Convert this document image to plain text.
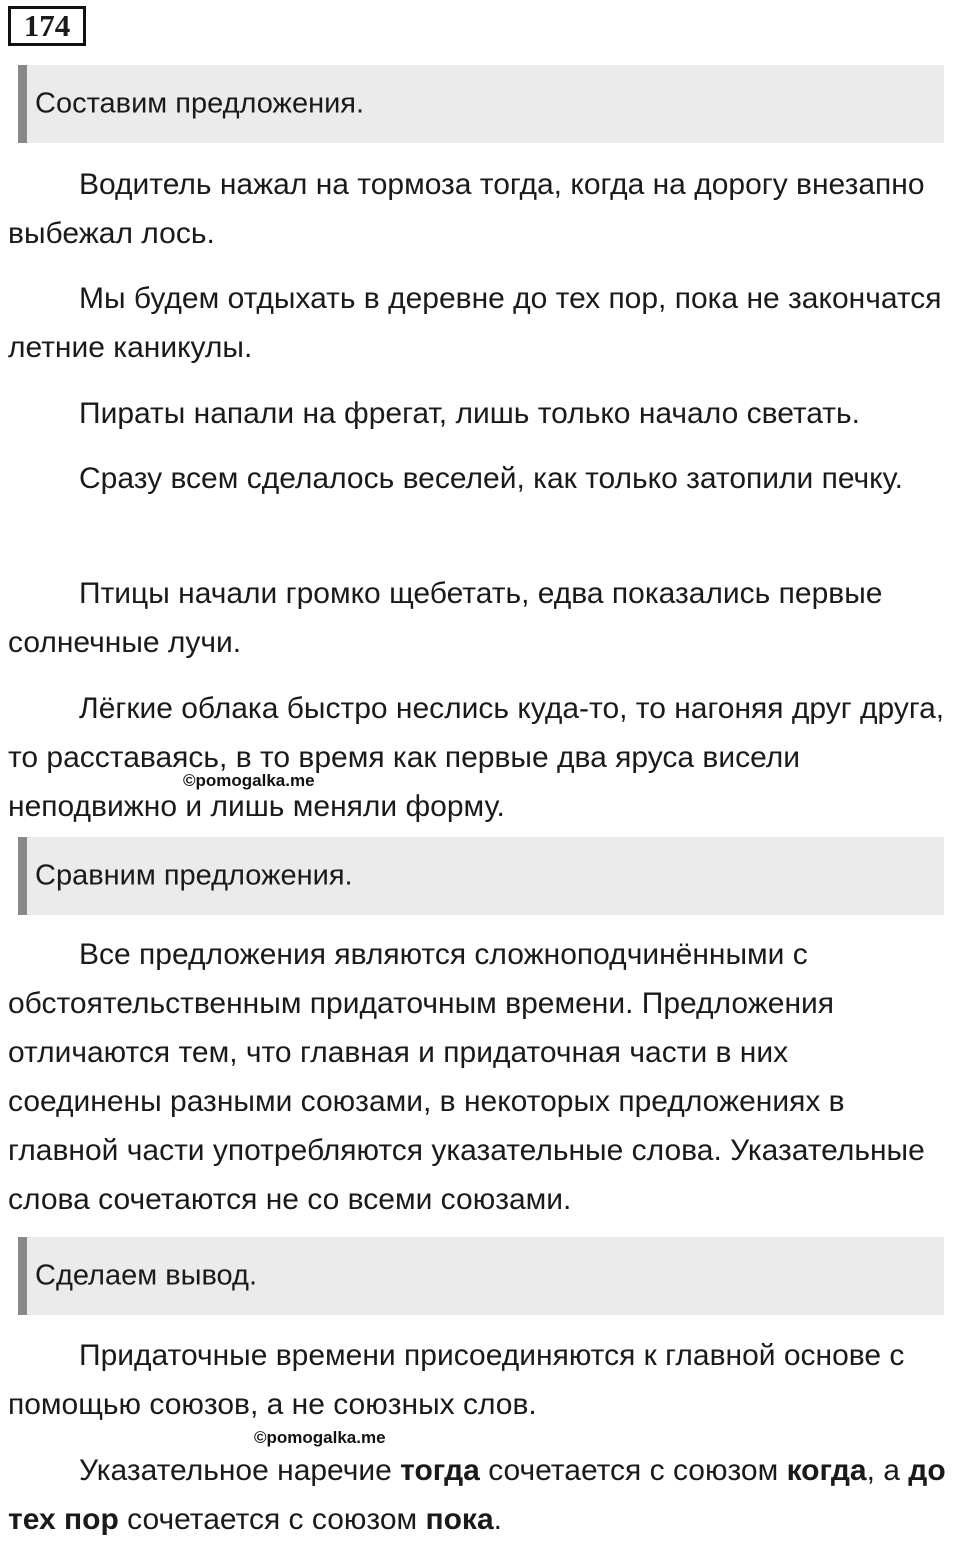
174
Составим предложения.

Водитель нажал на тормоза тогда, когда на дорогу внезапно выбежал лось.

Мы будем отдыхать в деревне до тех пор, пока не закончатся летние каникулы.

Пираты напали на фрегат, лишь только начало светать.

Сразу всем сделалось веселей, как только затопили печку.

Птицы начали громко щебетать, едва показались первые солнечные лучи.

Лёгкие облака быстро неслись куда-то, то нагоняя друг друга, то расставаясь, в то время как первые два яруса висели неподвижно и лишь меняли форму.

©pomogalka.me
Сравним предложения.

Все предложения являются сложноподчинёнными с обстоятельственным придаточным времени. Предложения отличаются тем, что главная и придаточная части в них соединены разными союзами, в некоторых предложениях в главной части употребляются указательные слова. Указательные слова сочетаются не со всеми союзами.

Сделаем вывод.

Придаточные времени присоединяются к главной основе с помощью союзов, а не союзных слов.

©pomogalka.me

Указательное наречие тогда сочетается с союзом когда, а до тех пор сочетается с союзом пока.
